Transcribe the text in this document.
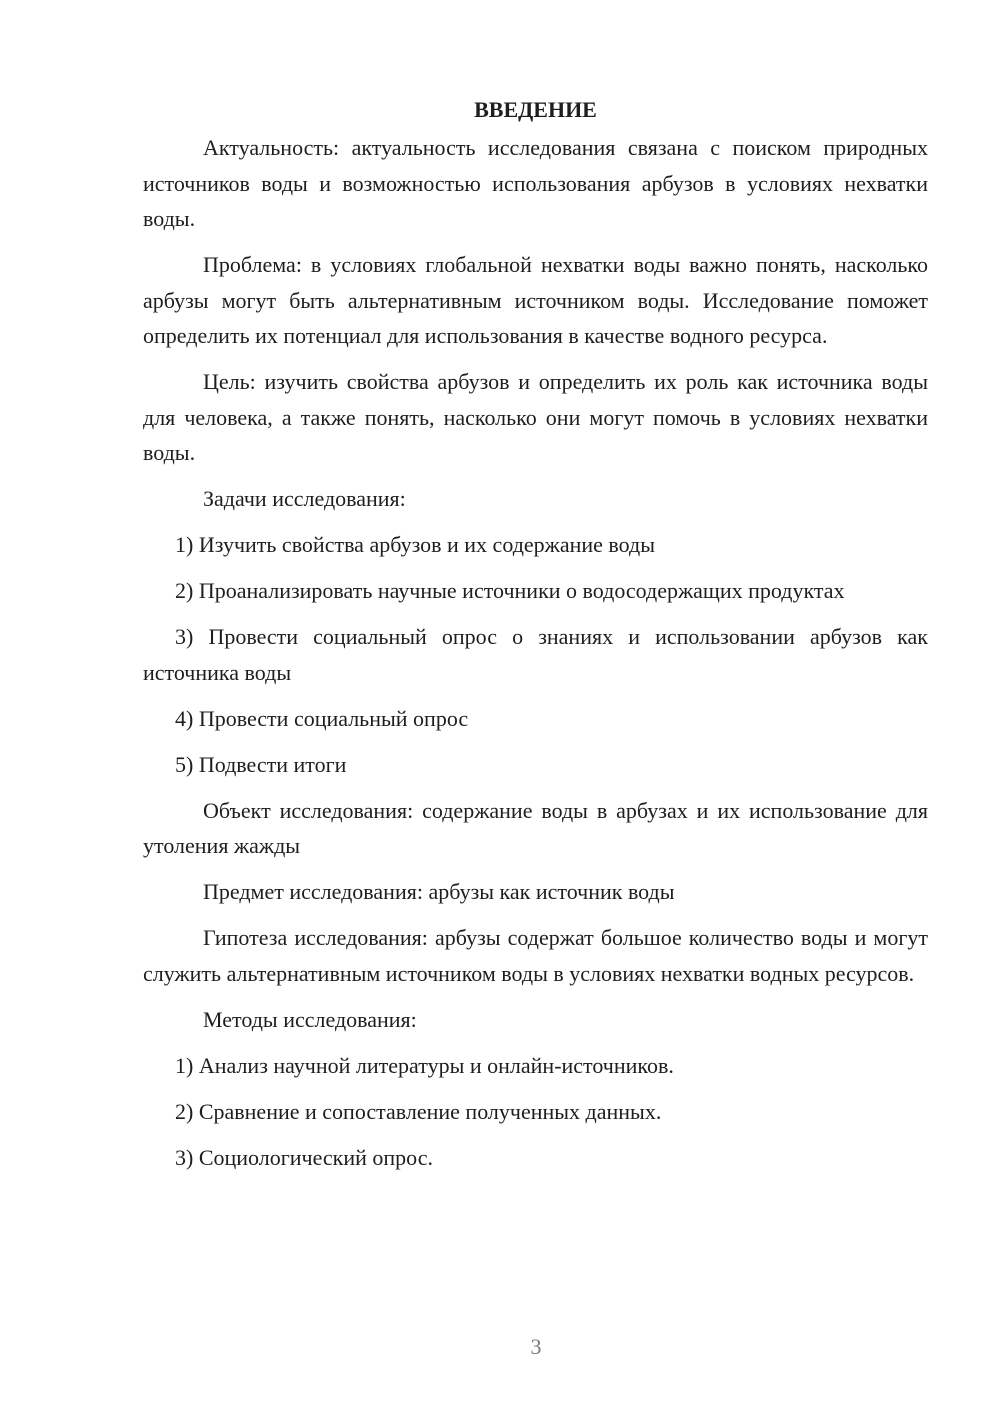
ВВЕДЕНИЕ

Актуальность: актуальность исследования связана с поиском природных источников воды и возможностью использования арбузов в условиях нехватки воды.

Проблема: в условиях глобальной нехватки воды важно понять, насколько арбузы могут быть альтернативным источником воды. Исследование поможет определить их потенциал для использования в качестве водного ресурса.

Цель: изучить свойства арбузов и определить их роль как источника воды для человека, а также понять, насколько они могут помочь в условиях нехватки воды.

Задачи исследования:

1) Изучить свойства арбузов и их содержание воды

2) Проанализировать научные источники о водосодержащих продуктах

3) Провести социальный опрос о знаниях и использовании арбузов как источника воды

4) Провести социальный опрос

5) Подвести итоги

Объект исследования: содержание воды в арбузах и их использование для утоления жажды

Предмет исследования: арбузы как источник воды

Гипотеза исследования: арбузы содержат большое количество воды и могут служить альтернативным источником воды в условиях нехватки водных ресурсов.

Методы исследования:

1) Анализ научной литературы и онлайн-источников.

2) Сравнение и сопоставление полученных данных.

3) Социологический опрос.

3
